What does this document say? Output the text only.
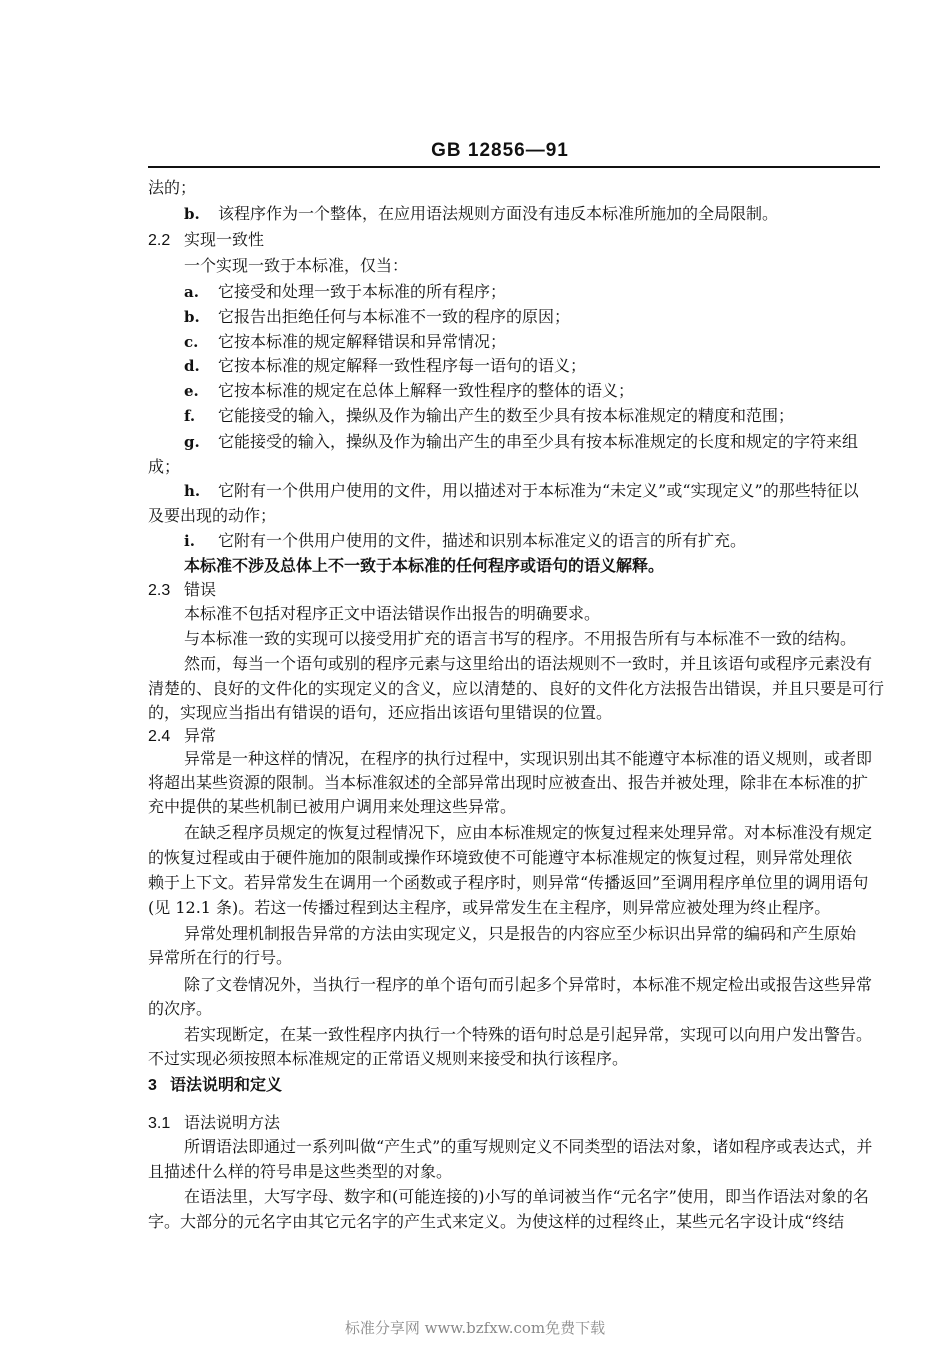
GB 12856—91
法的；
b. 该程序作为一个整体，在应用语法规则方面没有违反本标准所施加的全局限制。
2.2 实现一致性
一个实现一致于本标准，仅当：
a. 它接受和处理一致于本标准的所有程序；
b. 它报告出拒绝任何与本标准不一致的程序的原因；
c. 它按本标准的规定解释错误和异常情况；
d. 它按本标准的规定解释一致性程序每一语句的语义；
e. 它按本标准的规定在总体上解释一致性程序的整体的语义；
f. 它能接受的输入，操纵及作为输出产生的数至少具有按本标准规定的精度和范围；
g. 它能接受的输入，操纵及作为输出产生的串至少具有按本标准规定的长度和规定的字符来组
成；
h. 它附有一个供用户使用的文件，用以描述对于本标准为“未定义”或“实现定义”的那些特征以
及要出现的动作；
i. 它附有一个供用户使用的文件，描述和识别本标准定义的语言的所有扩充。
本标准不涉及总体上不一致于本标准的任何程序或语句的语义解释。
2.3 错误
本标准不包括对程序正文中语法错误作出报告的明确要求。
与本标准一致的实现可以接受用扩充的语言书写的程序。不用报告所有与本标准不一致的结构。
然而，每当一个语句或别的程序元素与这里给出的语法规则不一致时，并且该语句或程序元素没有
清楚的、良好的文件化的实现定义的含义，应以清楚的、良好的文件化方法报告出错误，并且只要是可行
的，实现应当指出有错误的语句，还应指出该语句里错误的位置。
2.4 异常
异常是一种这样的情况，在程序的执行过程中，实现识别出其不能遵守本标准的语义规则，或者即
将超出某些资源的限制。当本标准叙述的全部异常出现时应被查出、报告并被处理，除非在本标准的扩
充中提供的某些机制已被用户调用来处理这些异常。
在缺乏程序员规定的恢复过程情况下，应由本标准规定的恢复过程来处理异常。对本标准没有规定
的恢复过程或由于硬件施加的限制或操作环境致使不可能遵守本标准规定的恢复过程，则异常处理依
赖于上下文。若异常发生在调用一个函数或子程序时，则异常“传播返回”至调用程序单位里的调用语句
(见 12.1 条)。若这一传播过程到达主程序，或异常发生在主程序，则异常应被处理为终止程序。
异常处理机制报告异常的方法由实现定义，只是报告的内容应至少标识出异常的编码和产生原始
异常所在行的行号。
除了文卷情况外，当执行一程序的单个语句而引起多个异常时，本标准不规定检出或报告这些异常
的次序。
若实现断定，在某一致性程序内执行一个特殊的语句时总是引起异常，实现可以向用户发出警告。
不过实现必须按照本标准规定的正常语义规则来接受和执行该程序。
3 语法说明和定义
3.1 语法说明方法
所谓语法即通过一系列叫做“产生式”的重写规则定义不同类型的语法对象，诸如程序或表达式，并
且描述什么样的符号串是这些类型的对象。
在语法里，大写字母、数字和(可能连接的)小写的单词被当作“元名字”使用，即当作语法对象的名
字。大部分的元名字由其它元名字的产生式来定义。为使这样的过程终止，某些元名字设计成“终结
标准分享网 www.bzfxw.com免费下载
